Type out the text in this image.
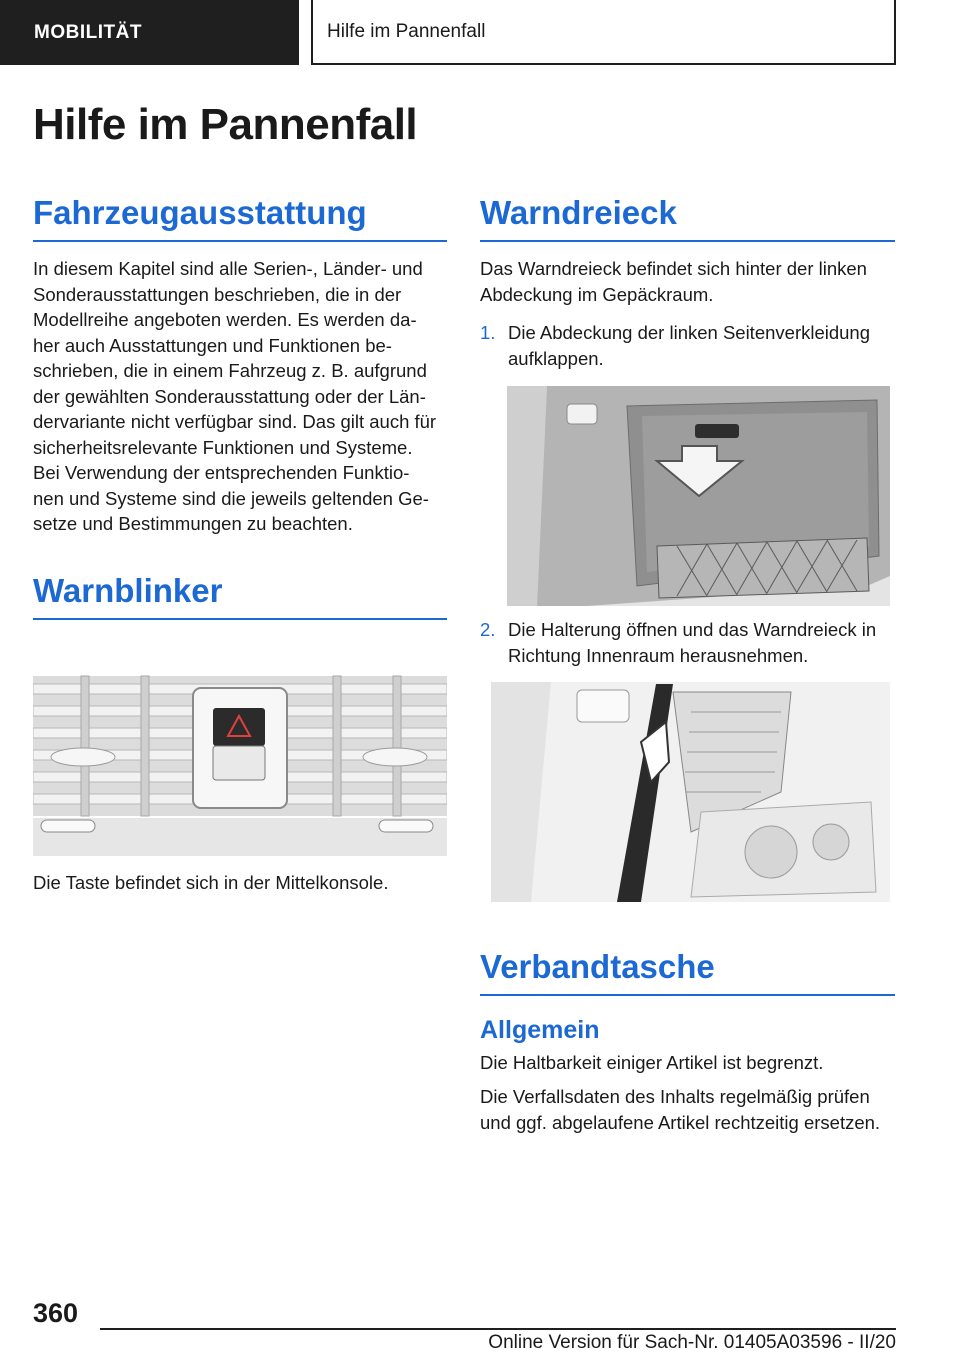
MOBILITÄT	Hilfe im Pannenfall
Hilfe im Pannenfall
Fahrzeugausstattung
In diesem Kapitel sind alle Serien-, Länder- und
Sonderausstattungen beschrieben, die in der
Modellreihe angeboten werden. Es werden da‐
her auch Ausstattungen und Funktionen be‐
schrieben, die in einem Fahrzeug z. B. aufgrund
der gewählten Sonderausstattung oder der Län‐
dervariante nicht verfügbar sind. Das gilt auch für
sicherheitsrelevante Funktionen und Systeme.
Bei Verwendung der entsprechenden Funktio‐
nen und Systeme sind die jeweils geltenden Ge‐
setze und Bestimmungen zu beachten.
Warnblinker
Die Taste befindet sich in der Mittelkonsole.
Warndreieck
Das Warndreieck befindet sich hinter der linken
Abdeckung im Gepäckraum.
1. Die Abdeckung der linken Seitenverkleidung
aufklappen.
2. Die Halterung öffnen und das Warndreieck in
Richtung Innenraum herausnehmen.
Verbandtasche
Allgemein
Die Haltbarkeit einiger Artikel ist begrenzt.
Die Verfallsdaten des Inhalts regelmäßig prüfen
und ggf. abgelaufene Artikel rechtzeitig ersetzen.
360
Online Version für Sach-Nr. 01405A03596 - II/20
